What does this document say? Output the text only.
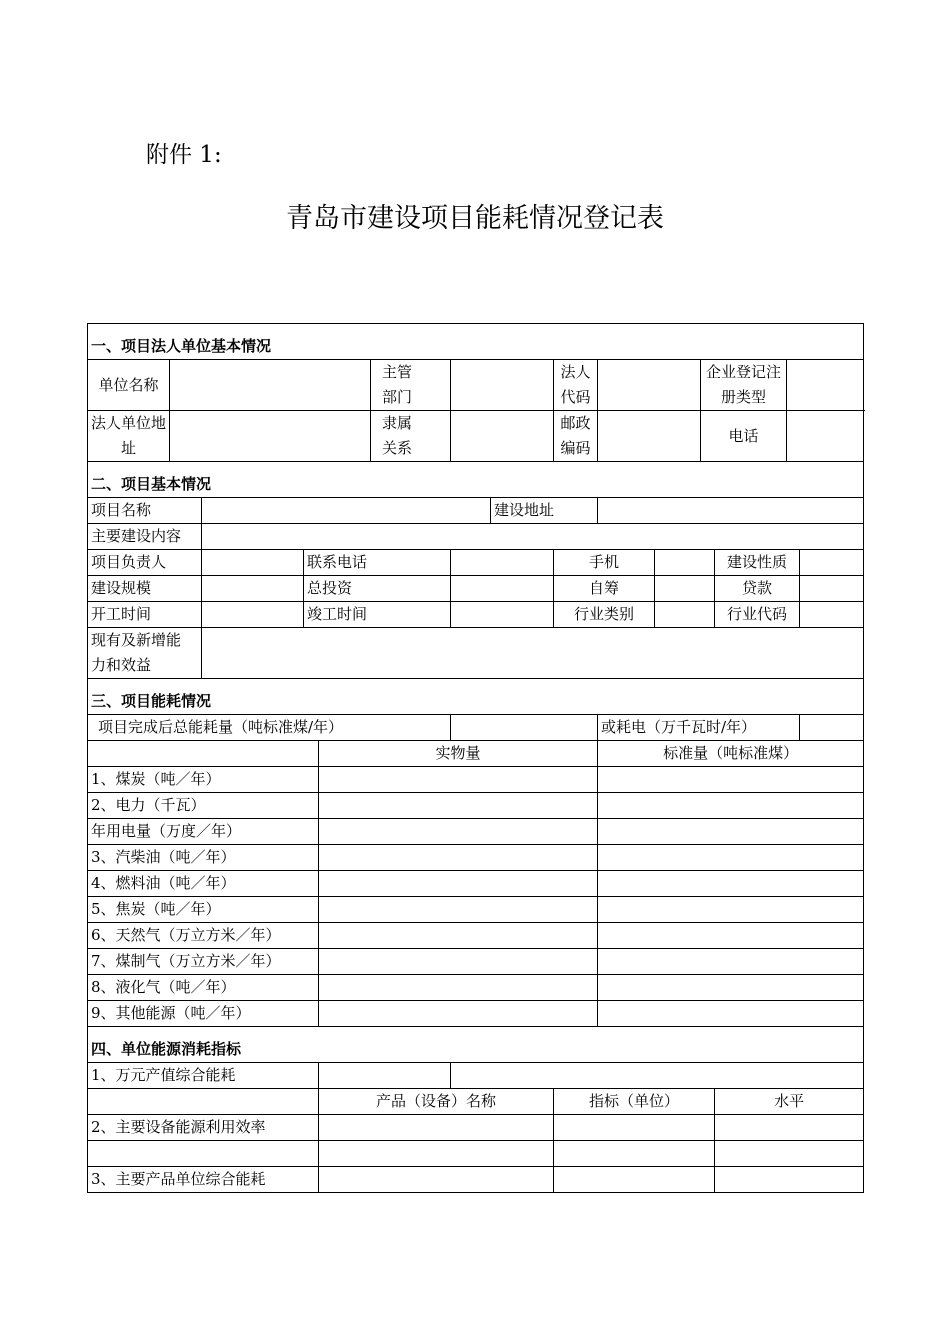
附件 1:
青岛市建设项目能耗情况登记表
一、项目法人单位基本情况														
单位名称					主管部门			法人代码			企业登记注册类型			
法人单位地址					隶属关系			邮政编码			电话			
二、项目基本情况														
项目名称							建设地址							
主要建设内容														
项目负责人			联系电话					手机				建设性质		
建设规模			总投资					自筹				贷款		
开工时间			竣工时间					行业类别				行业代码		

现有及新增能力和效益														

三、项目能耗情况														
项目完成后总能耗量（吨标准煤/年）									或耗电（万千瓦时/年）					
				实物量					标准量（吨标准煤）					
1、煤炭（吨／年）														
2、电力（千瓦）														
年用电量（万度／年）														
3、汽柴油（吨／年）														
4、燃料油（吨／年）														
5、焦炭（吨／年）														
6、天然气（万立方米／年）														
7、煤制气（万立方米／年）														
8、液化气（吨／年）														
9、其他能源（吨／年）														
四、单位能源消耗指标														
1、万元产值综合能耗														
				产品（设备）名称				指标（单位）				水平		
2、主要设备能源利用效率														

3、主要产品单位综合能耗														
